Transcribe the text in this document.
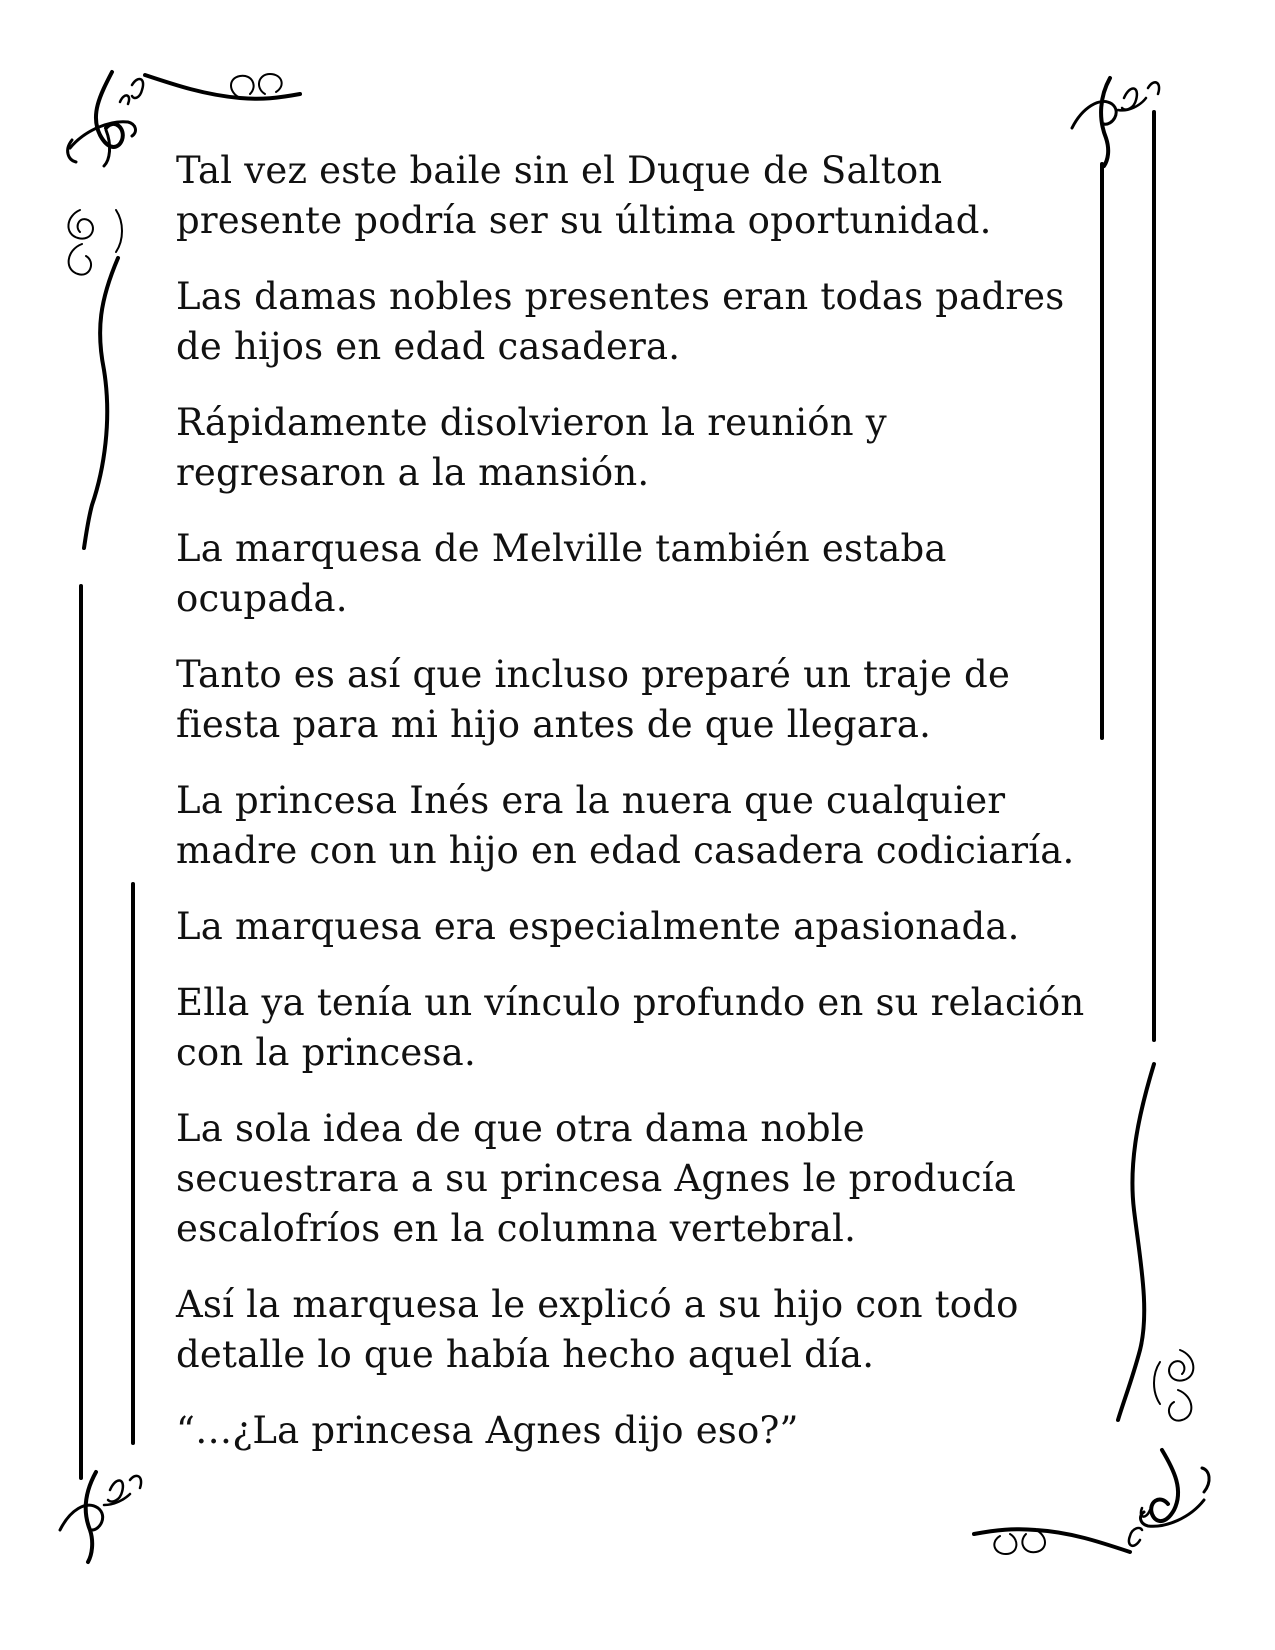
Tal vez este baile sin el Duque de Salton presente podría ser su última oportunidad.

Las damas nobles presentes eran todas padres de hijos en edad casadera.

Rápidamente disolvieron la reunión y regresaron a la mansión.

La marquesa de Melville también estaba ocupada.

Tanto es así que incluso preparé un traje de fiesta para mi hijo antes de que llegara.

La princesa Inés era la nuera que cualquier madre con un hijo en edad casadera codiciaría.

La marquesa era especialmente apasionada.

Ella ya tenía un vínculo profundo en su relación con la princesa.

La sola idea de que otra dama noble secuestrara a su princesa Agnes le producía escalofríos en la columna vertebral.

Así la marquesa le explicó a su hijo con todo detalle lo que había hecho aquel día.

“…¿La princesa Agnes dijo eso?”
